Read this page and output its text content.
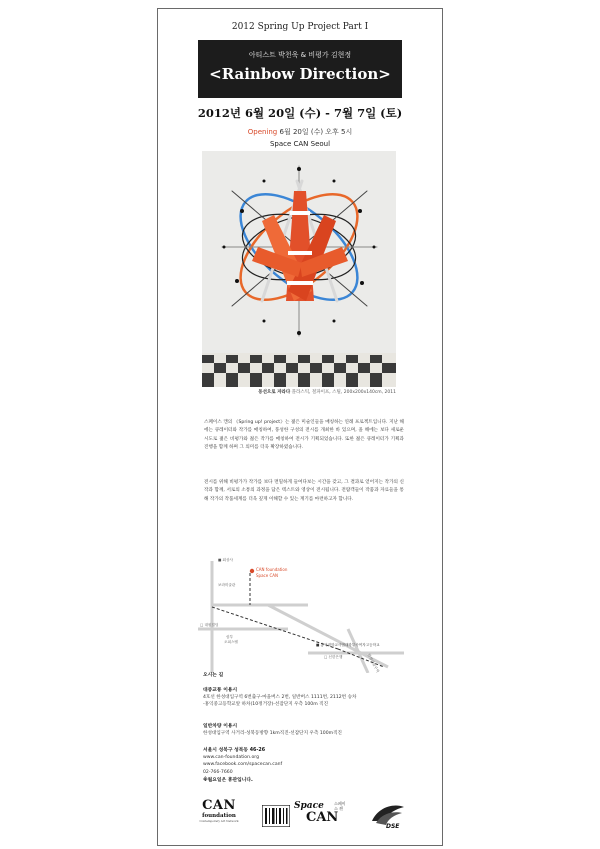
2012 Spring Up Project Part I
아티스트 박천욱 & 비평가 김현정
<Rainbow Direction>
2012년 6월 20일 (수) - 7월 7일 (토)
Opening 6월 20일 (수) 오후 5시
Space CAN Seoul
동선으로 자라다 플라스틱, 철파이프, 스틸, 200x200x140cm, 2011

스페이스 캔의 《Spring up! project》는 젊은 미술인들을 매칭하는 연례 프로젝트입니다. 지난 해에는 큐레이터와 작가를 매칭하여, 풍성한 구성의 전시를 개최한 바 있으며, 올 해에는 보다 새로운 시도로 젊은 비평가와 젊은 작가를 매칭하여 전시가 기획되었습니다. 또한 젊은 큐레이터가 기획과 진행을 함께 하며 그 의미를 더욱 확장하였습니다.

전시를 위해 비평가가 작가를 보다 면밀하게 들여다보는 시간을 갖고, 그 결과로 얻어지는 작가의 신작과 함께, 서로의 소통의 과정을 담은 텍스트와 영상이 전시됩니다. 전람객들이 작품과 자료들을 통해 작가의 작품세계를 더욱 깊게 이해할 수 있는 계기를 마련하고자 합니다.

■ 회상사
보라미술관
CAN foundation
Space CAN
□ 대원빌딩
삼부
오피스텔
■ 홍익대학교사범대학부속여자고등학교
□ 신한은행	한성대입구역
오시는 길
대중교통 이용시
4호선 한성대입구역 6번출구-마을버스 2번, 일반버스 1111번, 2112번 승차
-홍익중고등학교앞 하차(10정거장)-선잠단지 우측 100m 직진
일반차량 이용시
한성대입구역 사거리-성북동방향 1km직진-선잠단지 우측 100m직진
서울시 성북구 성북동 46-26
www.can-foundation.org
www.facebook.com/spacecan.canf
02-766-7660
※월요일은 휴관입니다.
CAN
foundation
Contemporary Art Network
Space
CAN
스페이스 캔
DSE
